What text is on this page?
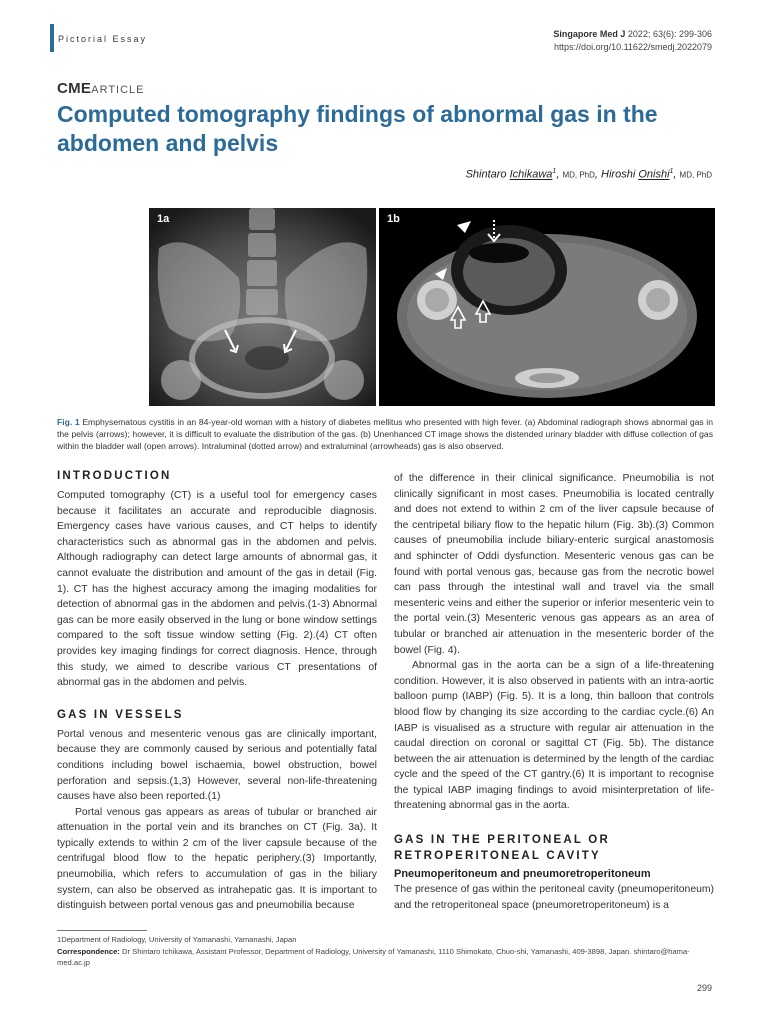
Pictorial Essay	Singapore Med J 2022; 63(6): 299-306
https://doi.org/10.11622/smedj.2022079
CMEARTICLE
Computed tomography findings of abnormal gas in the abdomen and pelvis
Shintaro Ichikawa$^1$, MD, PhD, Hiroshi Onishi$^1$, MD, PhD
1a	1b
Fig. 1 Emphysematous cystitis in an 84-year-old woman with a history of diabetes mellitus who presented with high fever. (a) Abdominal radiograph shows abnormal gas in the pelvis (arrows); however, it is difficult to evaluate the distribution of the gas. (b) Unenhanced CT image shows the distended urinary bladder with diffuse collection of gas within the bladder wall (open arrows). Intraluminal (dotted arrow) and extraluminal (arrowheads) gas is also observed.
INTRODUCTION

Computed tomography (CT) is a useful tool for emergency cases because it facilitates an accurate and reproducible diagnosis. Emergency cases have various causes, and CT helps to identify characteristics such as abnormal gas in the abdomen and pelvis. Although radiography can detect large amounts of abnormal gas, it cannot evaluate the distribution and amount of the gas in detail (Fig. 1). CT has the highest accuracy among the imaging modalities for detection of abnormal gas in the abdomen and pelvis.(1-3) Abnormal gas can be more easily observed in the lung or bone window settings compared to the soft tissue window setting (Fig. 2).(4) CT often provides key imaging findings for correct diagnosis. Hence, through this study, we aimed to describe various CT presentations of abnormal gas in the abdomen and pelvis.

GAS IN VESSELS

Portal venous and mesenteric venous gas are clinically important, because they are commonly caused by serious and potentially fatal conditions including bowel ischaemia, bowel obstruction, bowel perforation and sepsis.(1,3) However, several non-life-threatening causes have also been reported.(1)

Portal venous gas appears as areas of tubular or branched air attenuation in the portal vein and its branches on CT (Fig. 3a). It typically extends to within 2 cm of the liver capsule because of the centrifugal blood flow to the hepatic periphery.(3) Importantly, pneumobilia, which refers to accumulation of gas in the biliary system, can also be observed as intrahepatic gas. It is important to distinguish between portal venous gas and pneumobilia because

of the difference in their clinical significance. Pneumobilia is not clinically significant in most cases. Pneumobilia is located centrally and does not extend to within 2 cm of the liver capsule because of the centripetal biliary flow to the hepatic hilum (Fig. 3b).(3) Common causes of pneumobilia include biliary-enteric surgical anastomosis and sphincter of Oddi dysfunction. Mesenteric venous gas can be found with portal venous gas, because gas from the necrotic bowel can pass through the intestinal wall and travel via the small mesenteric veins and either the superior or inferior mesenteric vein to the portal vein.(3) Mesenteric venous gas appears as an area of tubular or branched air attenuation in the mesenteric border of the bowel (Fig. 4).

Abnormal gas in the aorta can be a sign of a life-threatening condition. However, it is also observed in patients with an intra-aortic balloon pump (IABP) (Fig. 5). It is a long, thin balloon that controls blood flow by changing its size according to the cardiac cycle.(6) An IABP is visualised as a structure with regular air attenuation in the caudal direction on coronal or sagittal CT (Fig. 5b). The distance between the air attenuation is determined by the length of the cardiac cycle and the speed of the CT gantry.(6) It is important to recognise the typical IABP imaging findings to avoid misinterpretation of life-threatening abnormal gas in the aorta.

GAS IN THE PERITONEAL OR
RETROPERITONEAL CAVITY
Pneumoperitoneum and pneumoretroperitoneum

The presence of gas within the peritoneal cavity (pneumoperitoneum) and the retroperitoneal space (pneumoretroperitoneum) is a

1Department of Radiology, University of Yamanashi, Yamanashi, Japan
Correspondence: Dr Shintaro Ichikawa, Assistant Professor, Department of Radiology, University of Yamanashi, 1110 Shimokato, Chuo-shi, Yamanashi, 409-3898, Japan. shintaro@hama-med.ac.jp
299
